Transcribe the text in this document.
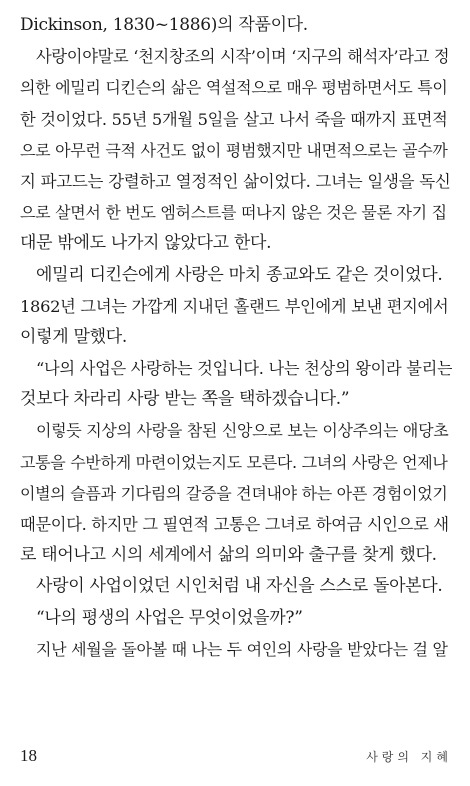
Dickinson, 1830~1886)의 작품이다.
사랑이야말로 ‘천지창조의 시작’이며 ‘지구의 해석자’라고 정
의한 에밀리 디킨슨의 삶은 역설적으로 매우 평범하면서도 특이
한 것이었다. 55년 5개월 5일을 살고 나서 죽을 때까지 표면적
으로 아무런 극적 사건도 없이 평범했지만 내면적으로는 골수까
지 파고드는 강렬하고 열정적인 삶이었다. 그녀는 일생을 독신
으로 살면서 한 번도 엠허스트를 떠나지 않은 것은 물론 자기 집
대문 밖에도 나가지 않았다고 한다.
에밀리 디킨슨에게 사랑은 마치 종교와도 같은 것이었다.
1862년 그녀는 가깝게 지내던 홀랜드 부인에게 보낸 편지에서
이렇게 말했다.
“나의 사업은 사랑하는 것입니다. 나는 천상의 왕이라 불리는
것보다 차라리 사랑 받는 쪽을 택하겠습니다.”
이렇듯 지상의 사랑을 참된 신앙으로 보는 이상주의는 애당초
고통을 수반하게 마련이었는지도 모른다. 그녀의 사랑은 언제나
이별의 슬픔과 기다림의 갈증을 견뎌내야 하는 아픈 경험이었기
때문이다. 하지만 그 필연적 고통은 그녀로 하여금 시인으로 새
로 태어나고 시의 세계에서 삶의 의미와 출구를 찾게 했다.
사랑이 사업이었던 시인처럼 내 자신을 스스로 돌아본다.
“나의 평생의 사업은 무엇이었을까?”
지난 세월을 돌아볼 때 나는 두 여인의 사랑을 받았다는 걸 알
18	사랑의 지혜
